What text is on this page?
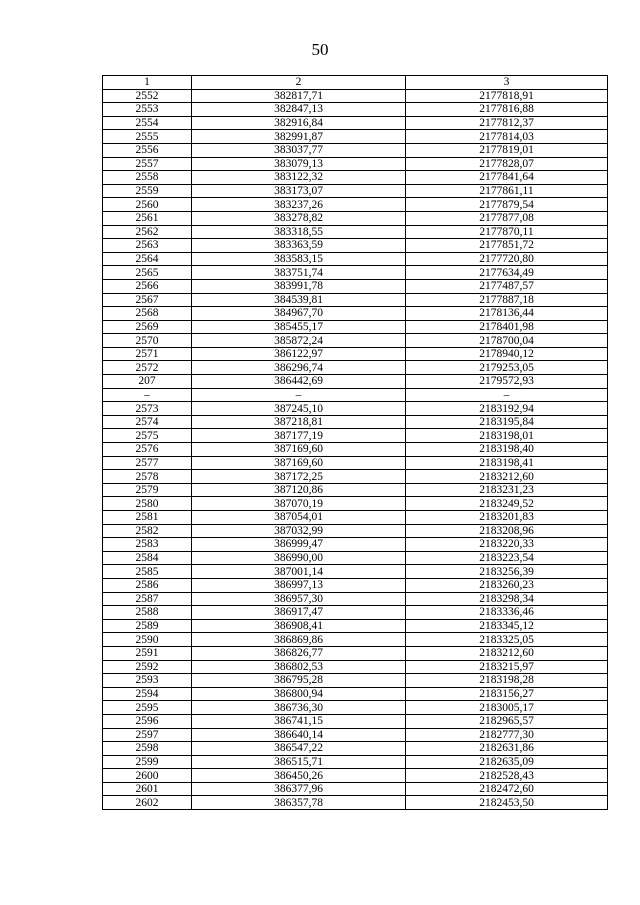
50
1	2	3
2552	382817,71	2177818,91
2553	382847,13	2177816,88
2554	382916,84	2177812,37
2555	382991,87	2177814,03
2556	383037,77	2177819,01
2557	383079,13	2177828,07
2558	383122,32	2177841,64
2559	383173,07	2177861,11
2560	383237,26	2177879,54
2561	383278,82	2177877,08
2562	383318,55	2177870,11
2563	383363,59	2177851,72
2564	383583,15	2177720,80
2565	383751,74	2177634,49
2566	383991,78	2177487,57
2567	384539,81	2177887,18
2568	384967,70	2178136,44
2569	385455,17	2178401,98
2570	385872,24	2178700,04
2571	386122,97	2178940,12
2572	386296,74	2179253,05
207	386442,69	2179572,93
–	–	–
2573	387245,10	2183192,94
2574	387218,81	2183195,84
2575	387177,19	2183198,01
2576	387169,60	2183198,40
2577	387169,60	2183198,41
2578	387172,25	2183212,60
2579	387120,86	2183231,23
2580	387070,19	2183249,52
2581	387054,01	2183201,83
2582	387032,99	2183208,96
2583	386999,47	2183220,33
2584	386990,00	2183223,54
2585	387001,14	2183256,39
2586	386997,13	2183260,23
2587	386957,30	2183298,34
2588	386917,47	2183336,46
2589	386908,41	2183345,12
2590	386869,86	2183325,05
2591	386826,77	2183212,60
2592	386802,53	2183215,97
2593	386795,28	2183198,28
2594	386800,94	2183156,27
2595	386736,30	2183005,17
2596	386741,15	2182965,57
2597	386640,14	2182777,30
2598	386547,22	2182631,86
2599	386515,71	2182635,09
2600	386450,26	2182528,43
2601	386377,96	2182472,60
2602	386357,78	2182453,50
